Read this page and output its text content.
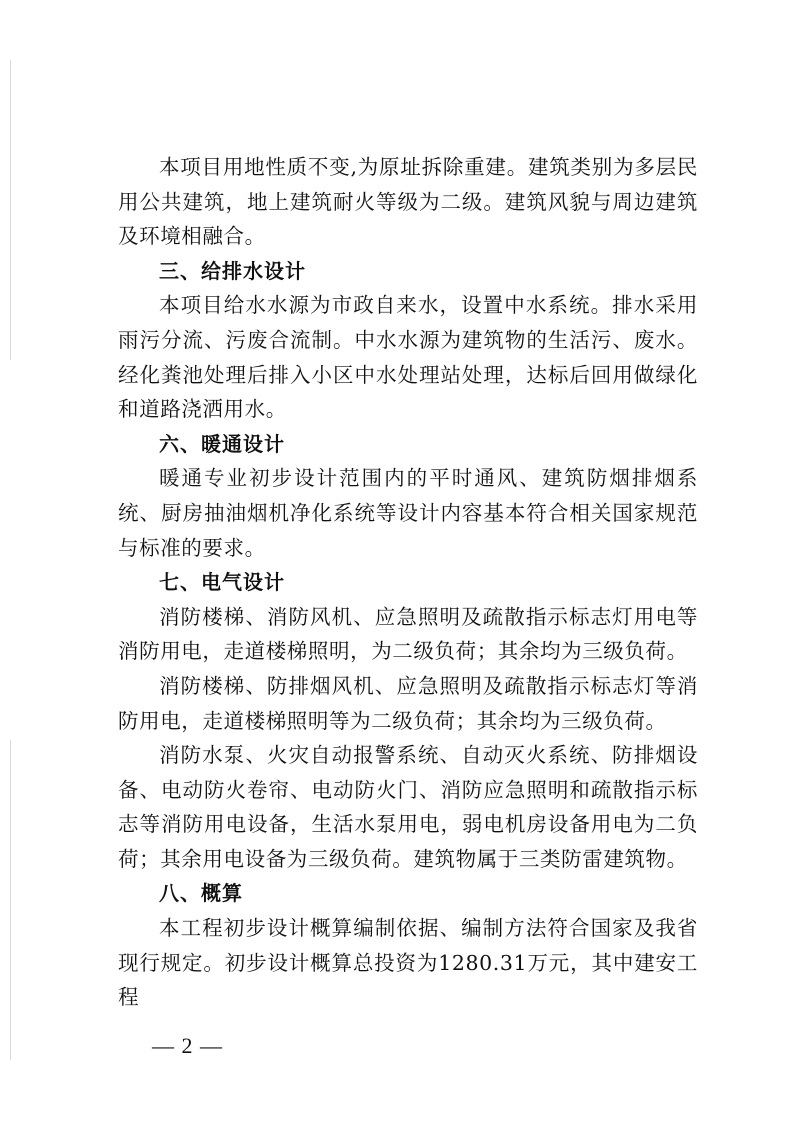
本项目用地性质不变,为原址拆除重建。建筑类别为多层民用公共建筑，地上建筑耐火等级为二级。建筑风貌与周边建筑及环境相融合。

三、给排水设计

本项目给水水源为市政自来水，设置中水系统。排水采用雨污分流、污废合流制。中水水源为建筑物的生活污、废水。经化粪池处理后排入小区中水处理站处理，达标后回用做绿化和道路浇洒用水。

六、暖通设计

暖通专业初步设计范围内的平时通风、建筑防烟排烟系统、厨房抽油烟机净化系统等设计内容基本符合相关国家规范与标准的要求。

七、电气设计

消防楼梯、消防风机、应急照明及疏散指示标志灯用电等消防用电，走道楼梯照明，为二级负荷；其余均为三级负荷。

消防楼梯、防排烟风机、应急照明及疏散指示标志灯等消防用电，走道楼梯照明等为二级负荷；其余均为三级负荷。

消防水泵、火灾自动报警系统、自动灭火系统、防排烟设备、电动防火卷帘、电动防火门、消防应急照明和疏散指示标志等消防用电设备，生活水泵用电，弱电机房设备用电为二负荷；其余用电设备为三级负荷。建筑物属于三类防雷建筑物。

八、概算

本工程初步设计概算编制依据、编制方法符合国家及我省现行规定。初步设计概算总投资为1280.31万元，其中建安工程

— 2 —
